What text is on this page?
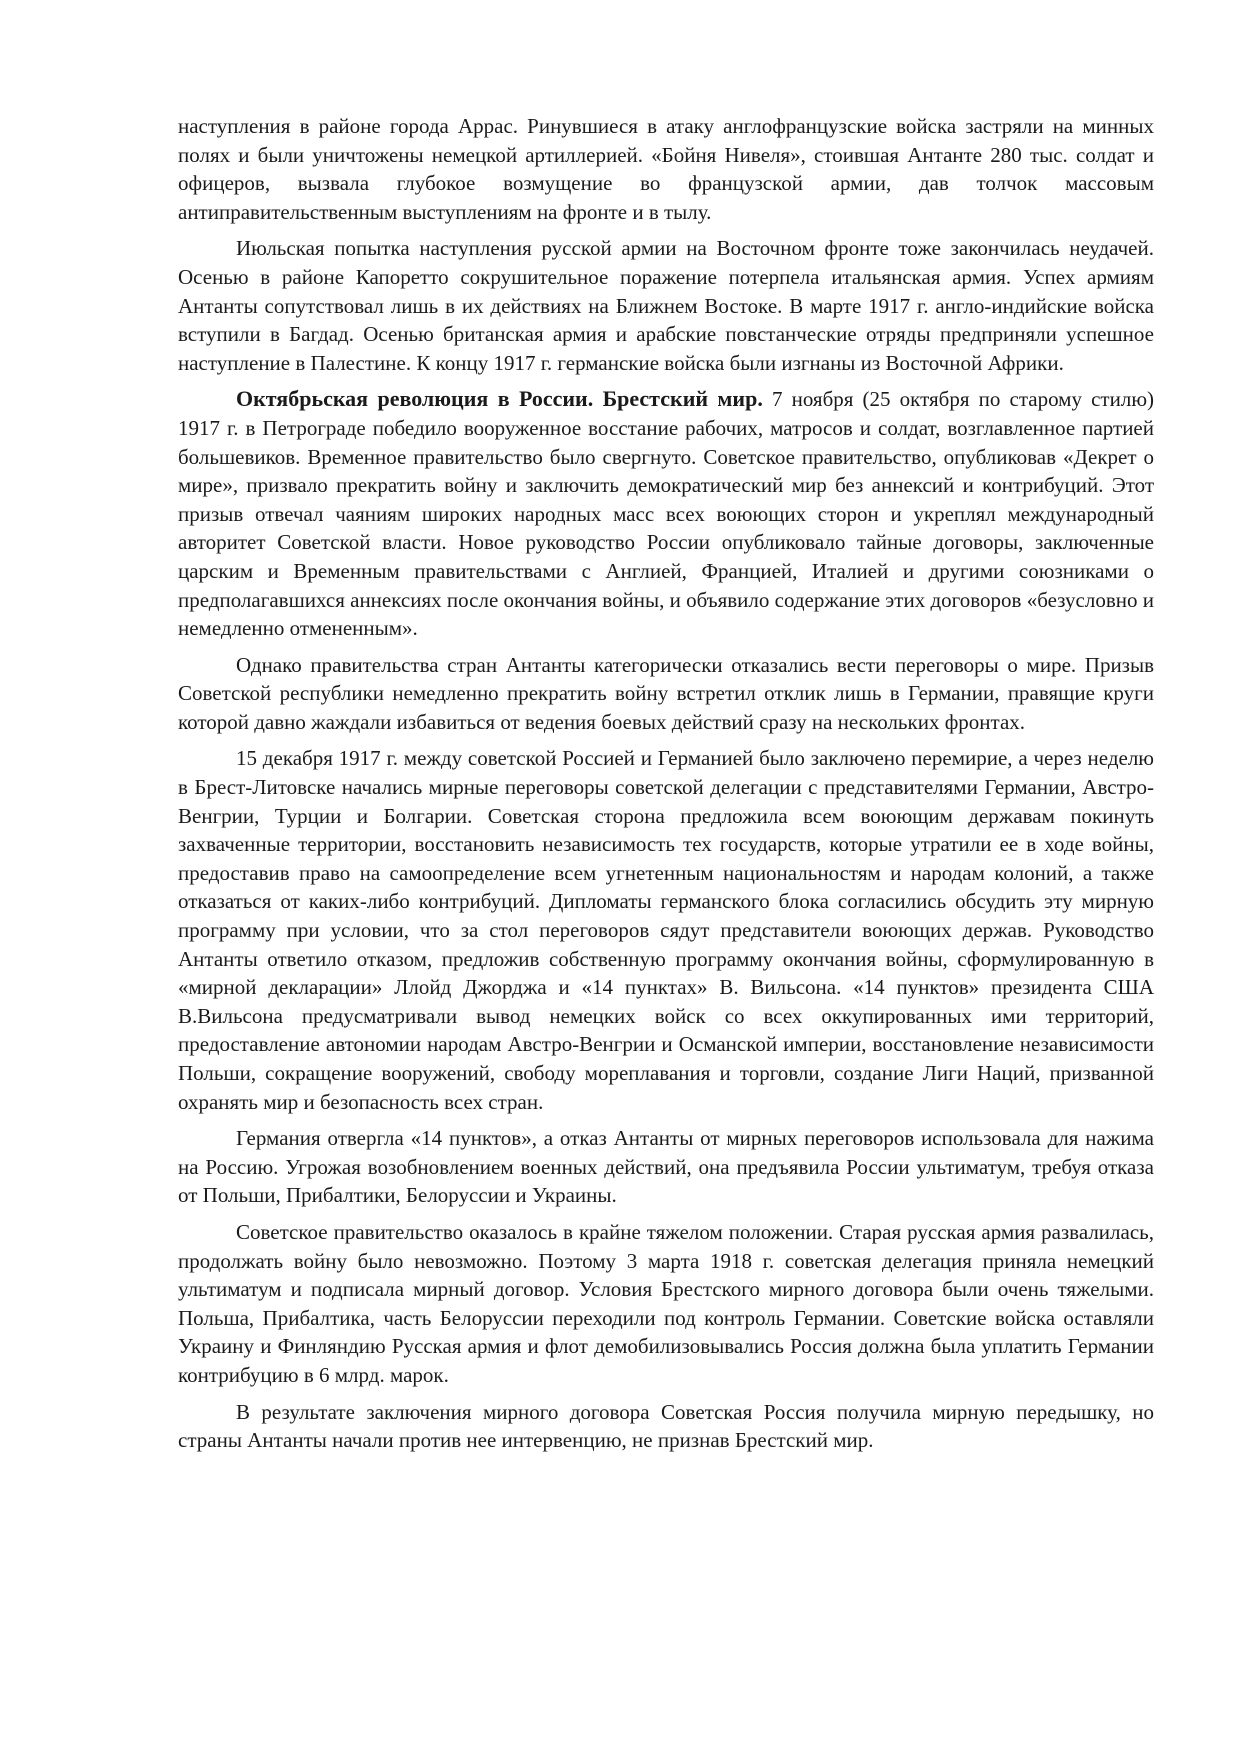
наступления в районе города Аррас. Ринувшиеся в атаку англофранцузские войска застряли на минных полях и были уничтожены немецкой артиллерией. «Бойня Нивеля», стоившая Антанте 280 тыс. солдат и офицеров, вызвала глубокое возмущение во французской армии, дав толчок массовым антиправительственным выступлениям на фронте и в тылу.

Июльская попытка наступления русской армии на Восточном фронте тоже закончилась неудачей. Осенью в районе Капоретто сокрушительное поражение потерпела итальянская армия. Успех армиям Антанты сопутствовал лишь в их действиях на Ближнем Востоке. В марте 1917 г. англо-индийские войска вступили в Багдад. Осенью британская армия и арабские повстанческие отряды предприняли успешное наступление в Палестине. К концу 1917 г. германские войска были изгнаны из Восточной Африки.

Октябрьская революция в России. Брестский мир. 7 ноября (25 октября по старому стилю) 1917 г. в Петрограде победило вооруженное восстание рабочих, матросов и солдат, возглавленное партией большевиков. Временное правительство было свергнуто. Советское правительство, опубликовав «Декрет о мире», призвало прекратить войну и заключить демократический мир без аннексий и контрибуций. Этот призыв отвечал чаяниям широких народных масс всех воюющих сторон и укреплял международный авторитет Советской власти. Новое руководство России опубликовало тайные договоры, заключенные царским и Временным правительствами с Англией, Францией, Италией и другими союзниками о предполагавшихся аннексиях после окончания войны, и объявило содержание этих договоров «безусловно и немедленно отмененным».

Однако правительства стран Антанты категорически отказались вести переговоры о мире. Призыв Советской республики немедленно прекратить войну встретил отклик лишь в Германии, правящие круги которой давно жаждали избавиться от ведения боевых действий сразу на нескольких фронтах.

15 декабря 1917 г. между советской Россией и Германией было заключено перемирие, а через неделю в Брест-Литовске начались мирные переговоры советской делегации с представителями Германии, Австро-Венгрии, Турции и Болгарии. Советская сторона предложила всем воюющим державам покинуть захваченные территории, восстановить независимость тех государств, которые утратили ее в ходе войны, предоставив право на самоопределение всем угнетенным национальностям и народам колоний, а также отказаться от каких-либо контрибуций. Дипломаты германского блока согласились обсудить эту мирную программу при условии, что за стол переговоров сядут представители воюющих держав. Руководство Антанты ответило отказом, предложив собственную программу окончания войны, сформулированную в «мирной декларации» Ллойд Джорджа и «14 пунктах» В. Вильсона. «14 пунктов» президента США В.Вильсона предусматривали вывод немецких войск со всех оккупированных ими территорий, предоставление автономии народам Австро-Венгрии и Османской империи, восстановление независимости Польши, сокращение вооружений, свободу мореплавания и торговли, создание Лиги Наций, призванной охранять мир и безопасность всех стран.

Германия отвергла «14 пунктов», а отказ Антанты от мирных переговоров использовала для нажима на Россию. Угрожая возобновлением военных действий, она предъявила России ультиматум, требуя отказа от Польши, Прибалтики, Белоруссии и Украины.

Советское правительство оказалось в крайне тяжелом положении. Старая русская армия развалилась, продолжать войну было невозможно. Поэтому 3 марта 1918 г. советская делегация приняла немецкий ультиматум и подписала мирный договор. Условия Брестского мирного договора были очень тяжелыми. Польша, Прибалтика, часть Белоруссии переходили под контроль Германии. Советские войска оставляли Украину и Финляндию Русская армия и флот демобилизовывались Россия должна была уплатить Германии контрибуцию в 6 млрд. марок.

В результате заключения мирного договора Советская Россия получила мирную передышку, но страны Антанты начали против нее интервенцию, не признав Брестский мир.
